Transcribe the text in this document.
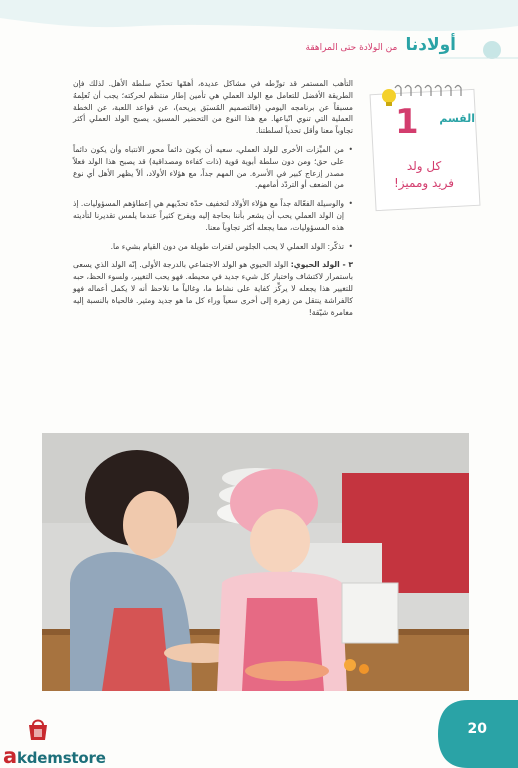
أولادنا من الولادة حتى المراهقة
القسم
1
كل ولد
فريد ومميز!

التأهب المستمر قد تورِّطه في مشاكل عديدة، أهمّها تحدّي سلطة الأهل. لذلك فإن الطريقة الأفضل للتعامل مع الولد العملي هي تأمين إطار منتظم لحركته؛ يجب أن تُعلِمهُ مسبقاً عن برنامجه اليومي (فالتصميم المُسبَق يريحه)، عن قواعد اللعبة، عن الخطة العملية التي تنوي اتّباعها. مع هذا النوع من التحضير المسبق، يصبح الولد العملي أكثر تجاوباً معنا وأقل تحدياً لسلطتنا.

• من الميِّزات الأخرى للولد العملي، سعيه أن يكون دائماً محور الانتباه وأن يكون دائماً على حق؛ ومن دون سلطة أبوية قوية (ذات كفاءة ومصداقية) قد يصبح هذا الولد فعلاً مصدر إزعاج كبير في الأسرة. من المهم جداً، مع هؤلاء الأولاد، ألاّ يظهر الأهل أي نوع من الضعف أو التردّد أمامهم.

• والوسيلة الفعّالة جداً مع هؤلاء الأولاد لتخفيف حدّة تحدّيهم هي إعطاؤهم المسؤوليات. إذ إن الولد العملي يحب أن يشعر بأننا بحاجة إليه ويفرح كثيراً عندما يلمس تقديرنا لتأديته هذه المسؤوليات، مما يجعله أكثر تجاوباً معنا.

• تذكّر: الولد العملي لا يحب الجلوس لفترات طويلة من دون القيام بشيء ما.

٣ - الولد الحيوي: الولد الحيوي هو الولد الاجتماعي بالدرجة الأولى. إنّه الولد الذي يسعى باستمرار لاكتشاف واختبار كل شيء جديد في محيطه. فهو يحب التغيير، ولسوء الحظ، حبه للتغيير هذا يجعله لا يركِّز كفاية على نشاط ما، وغالباً ما نلاحظ أنه لا يكمل أعماله فهو كالفراشة ينتقل من زهرة إلى أخرى سعياً وراء كل ما هو جديد ومثير. فالحياة بالنسبة إليه مغامرة شيّقة!

20
akdemstore
